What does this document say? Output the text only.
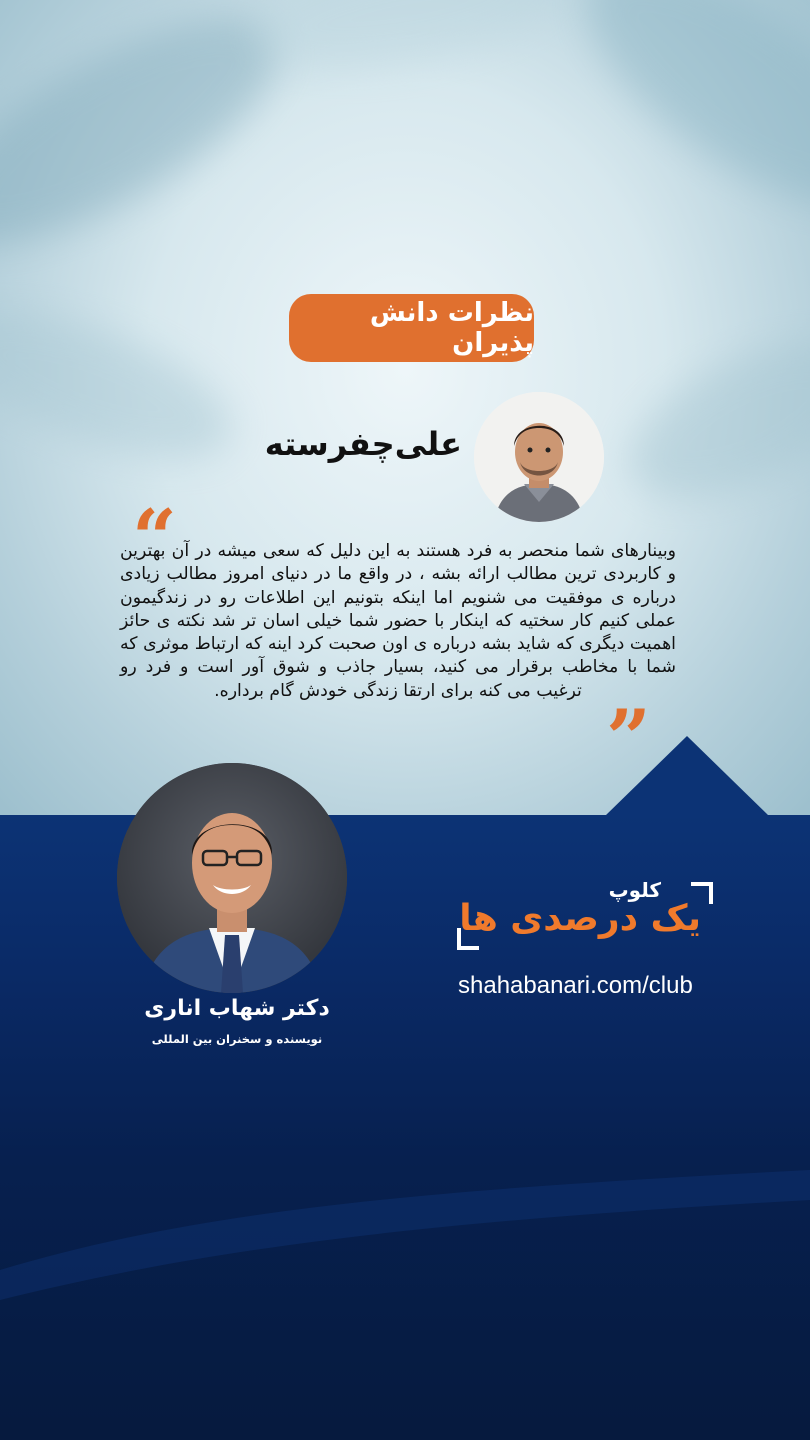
نظرات دانش پذیران
علی‌چفرسته
“
وبینارهای شما منحصر به فرد هستند به این دلیل که سعی میشه در آن بهترین و کاربردی ترین مطالب ارائه بشه ، در واقع ما در دنیای امروز مطالب زیادی درباره ی موفقیت می شنویم اما اینکه بتونیم این اطلاعات رو در زندگیمون عملی کنیم کار سختیه که اینکار با حضور شما خیلی اسان تر شد نکته ی حائز اهمیت دیگری که شاید بشه درباره ی اون صحبت کرد اینه که ارتباط موثری که شما با مخاطب برقرار می کنید، بسیار جاذب و شوق آور است و فرد رو ترغیب می کنه برای ارتقا زندگی خودش گام برداره.
”
دکتر شهاب اناری
نویسنده و سخنران بین المللی
کلوپ
یک درصدی ها
shahabanari.com/club
